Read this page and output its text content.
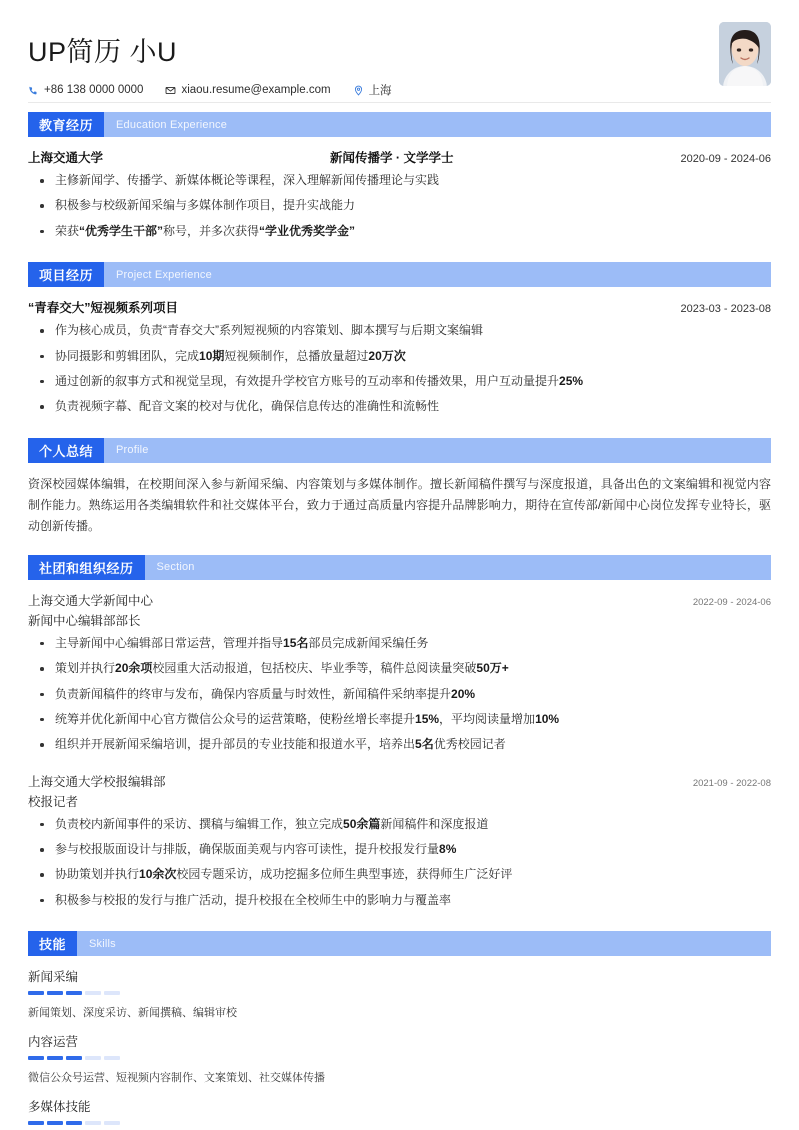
UP简历 小U
+86 138 0000 0000	xiaou.resume@example.com	上海
教育经历	Education Experience
上海交通大学	新闻传播学 · 文学学士	2020-09 - 2024-06
主修新闻学、传播学、新媒体概论等课程，深入理解新闻传播理论与实践
积极参与校级新闻采编与多媒体制作项目，提升实战能力
荣获“优秀学生干部”称号，并多次获得“学业优秀奖学金”
项目经历	Project Experience
“青春交大”短视频系列项目	2023-03 - 2023-08
作为核心成员，负责“青春交大”系列短视频的内容策划、脚本撰写与后期文案编辑
协同摄影和剪辑团队，完成10期短视频制作，总播放量超过20万次
通过创新的叙事方式和视觉呈现，有效提升学校官方账号的互动率和传播效果，用户互动量提升25%
负责视频字幕、配音文案的校对与优化，确保信息传达的准确性和流畅性
个人总结	Profile
资深校园媒体编辑，在校期间深入参与新闻采编、内容策划与多媒体制作。擅长新闻稿件撰写与深度报道，具备出色的文案编辑和视觉内容制作能力。熟练运用各类编辑软件和社交媒体平台，致力于通过高质量内容提升品牌影响力，期待在宣传部/新闻中心岗位发挥专业特长，驱动创新传播。
社团和组织经历	Section
上海交通大学新闻中心	2022-09 - 2024-06
新闻中心编辑部部长
主导新闻中心编辑部日常运营，管理并指导15名部员完成新闻采编任务
策划并执行20余项校园重大活动报道，包括校庆、毕业季等，稿件总阅读量突破50万+
负责新闻稿件的终审与发布，确保内容质量与时效性，新闻稿件采纳率提升20%
统筹并优化新闻中心官方微信公众号的运营策略，使粉丝增长率提升15%，平均阅读量增加10%
组织并开展新闻采编培训，提升部员的专业技能和报道水平，培养出5名优秀校园记者
上海交通大学校报编辑部	2021-09 - 2022-08
校报记者
负责校内新闻事件的采访、撰稿与编辑工作，独立完成50余篇新闻稿件和深度报道
参与校报版面设计与排版，确保版面美观与内容可读性，提升校报发行量8%
协助策划并执行10余次校园专题采访，成功挖掘多位师生典型事迹，获得师生广泛好评
积极参与校报的发行与推广活动，提升校报在全校师生中的影响力与覆盖率
技能	Skills
新闻采编
新闻策划、深度采访、新闻撰稿、编辑审校
内容运营
微信公众号运营、短视频内容制作、文案策划、社交媒体传播
多媒体技能
